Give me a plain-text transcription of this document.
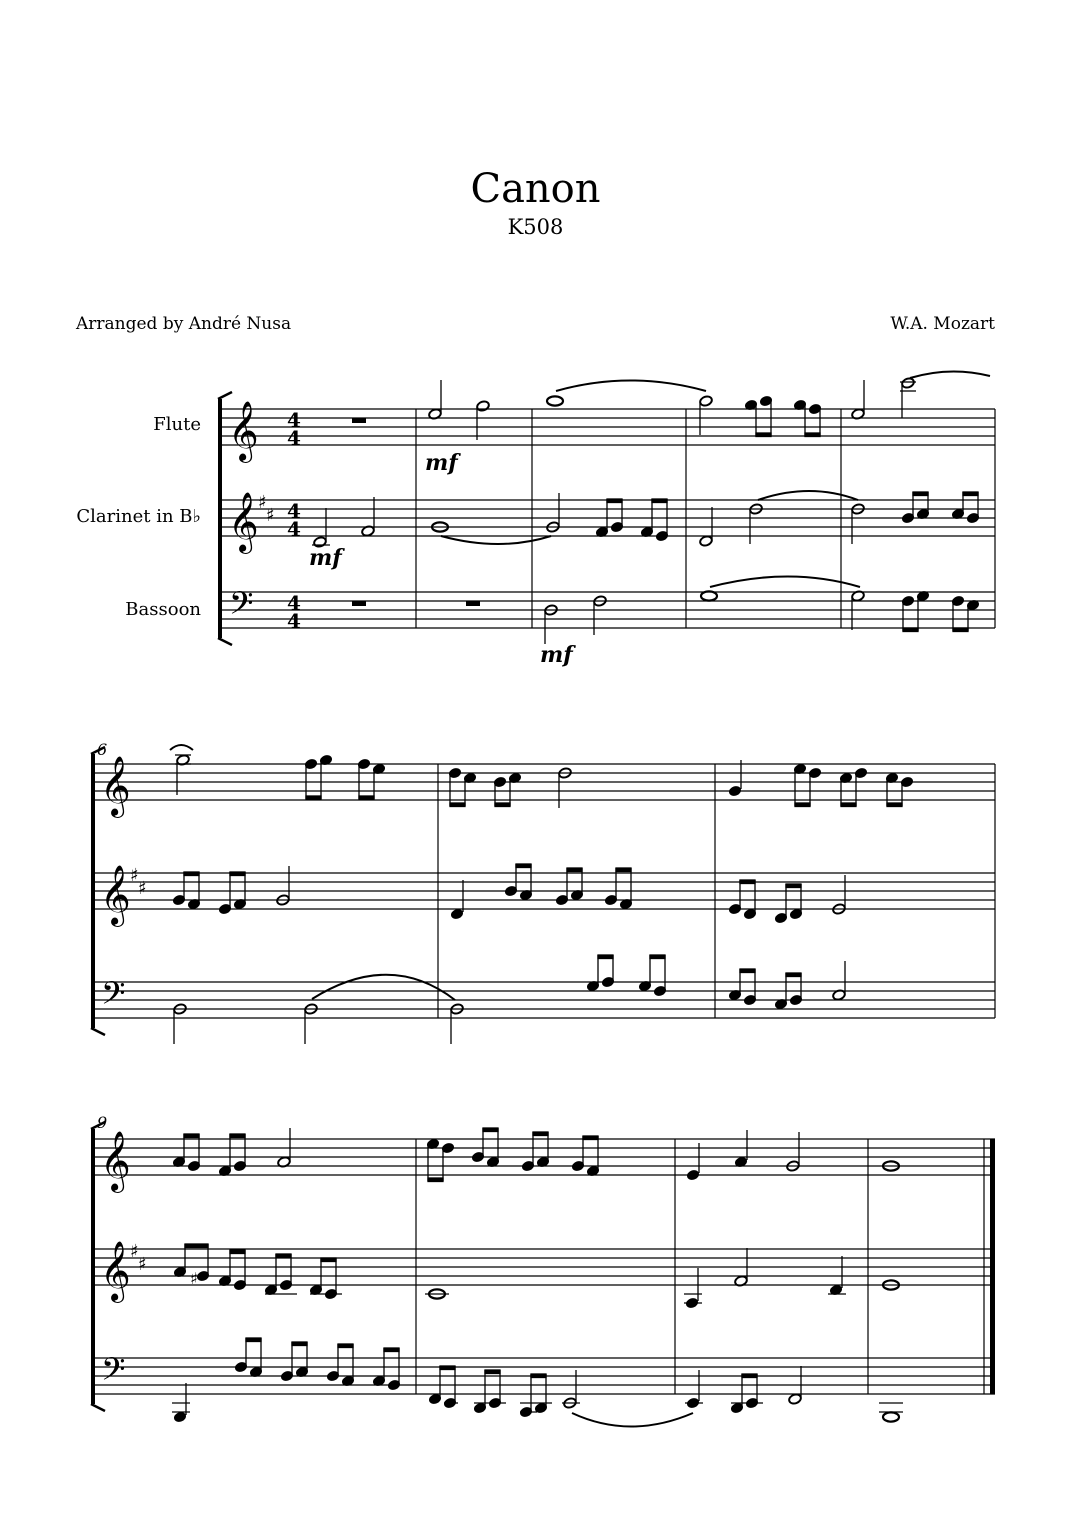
Canon
K508
Arranged by André Nusa	W.A. Mozart
Flute
Clarinet in B♭
Bassoon
6
9
𝄞
𝄞
𝄢
♯
♯
4
4
4
4
4
4
mf
mf
mf
𝄞
𝄞
𝄢
♯
♯
𝄞
𝄞
𝄢
♯
♯
♯
